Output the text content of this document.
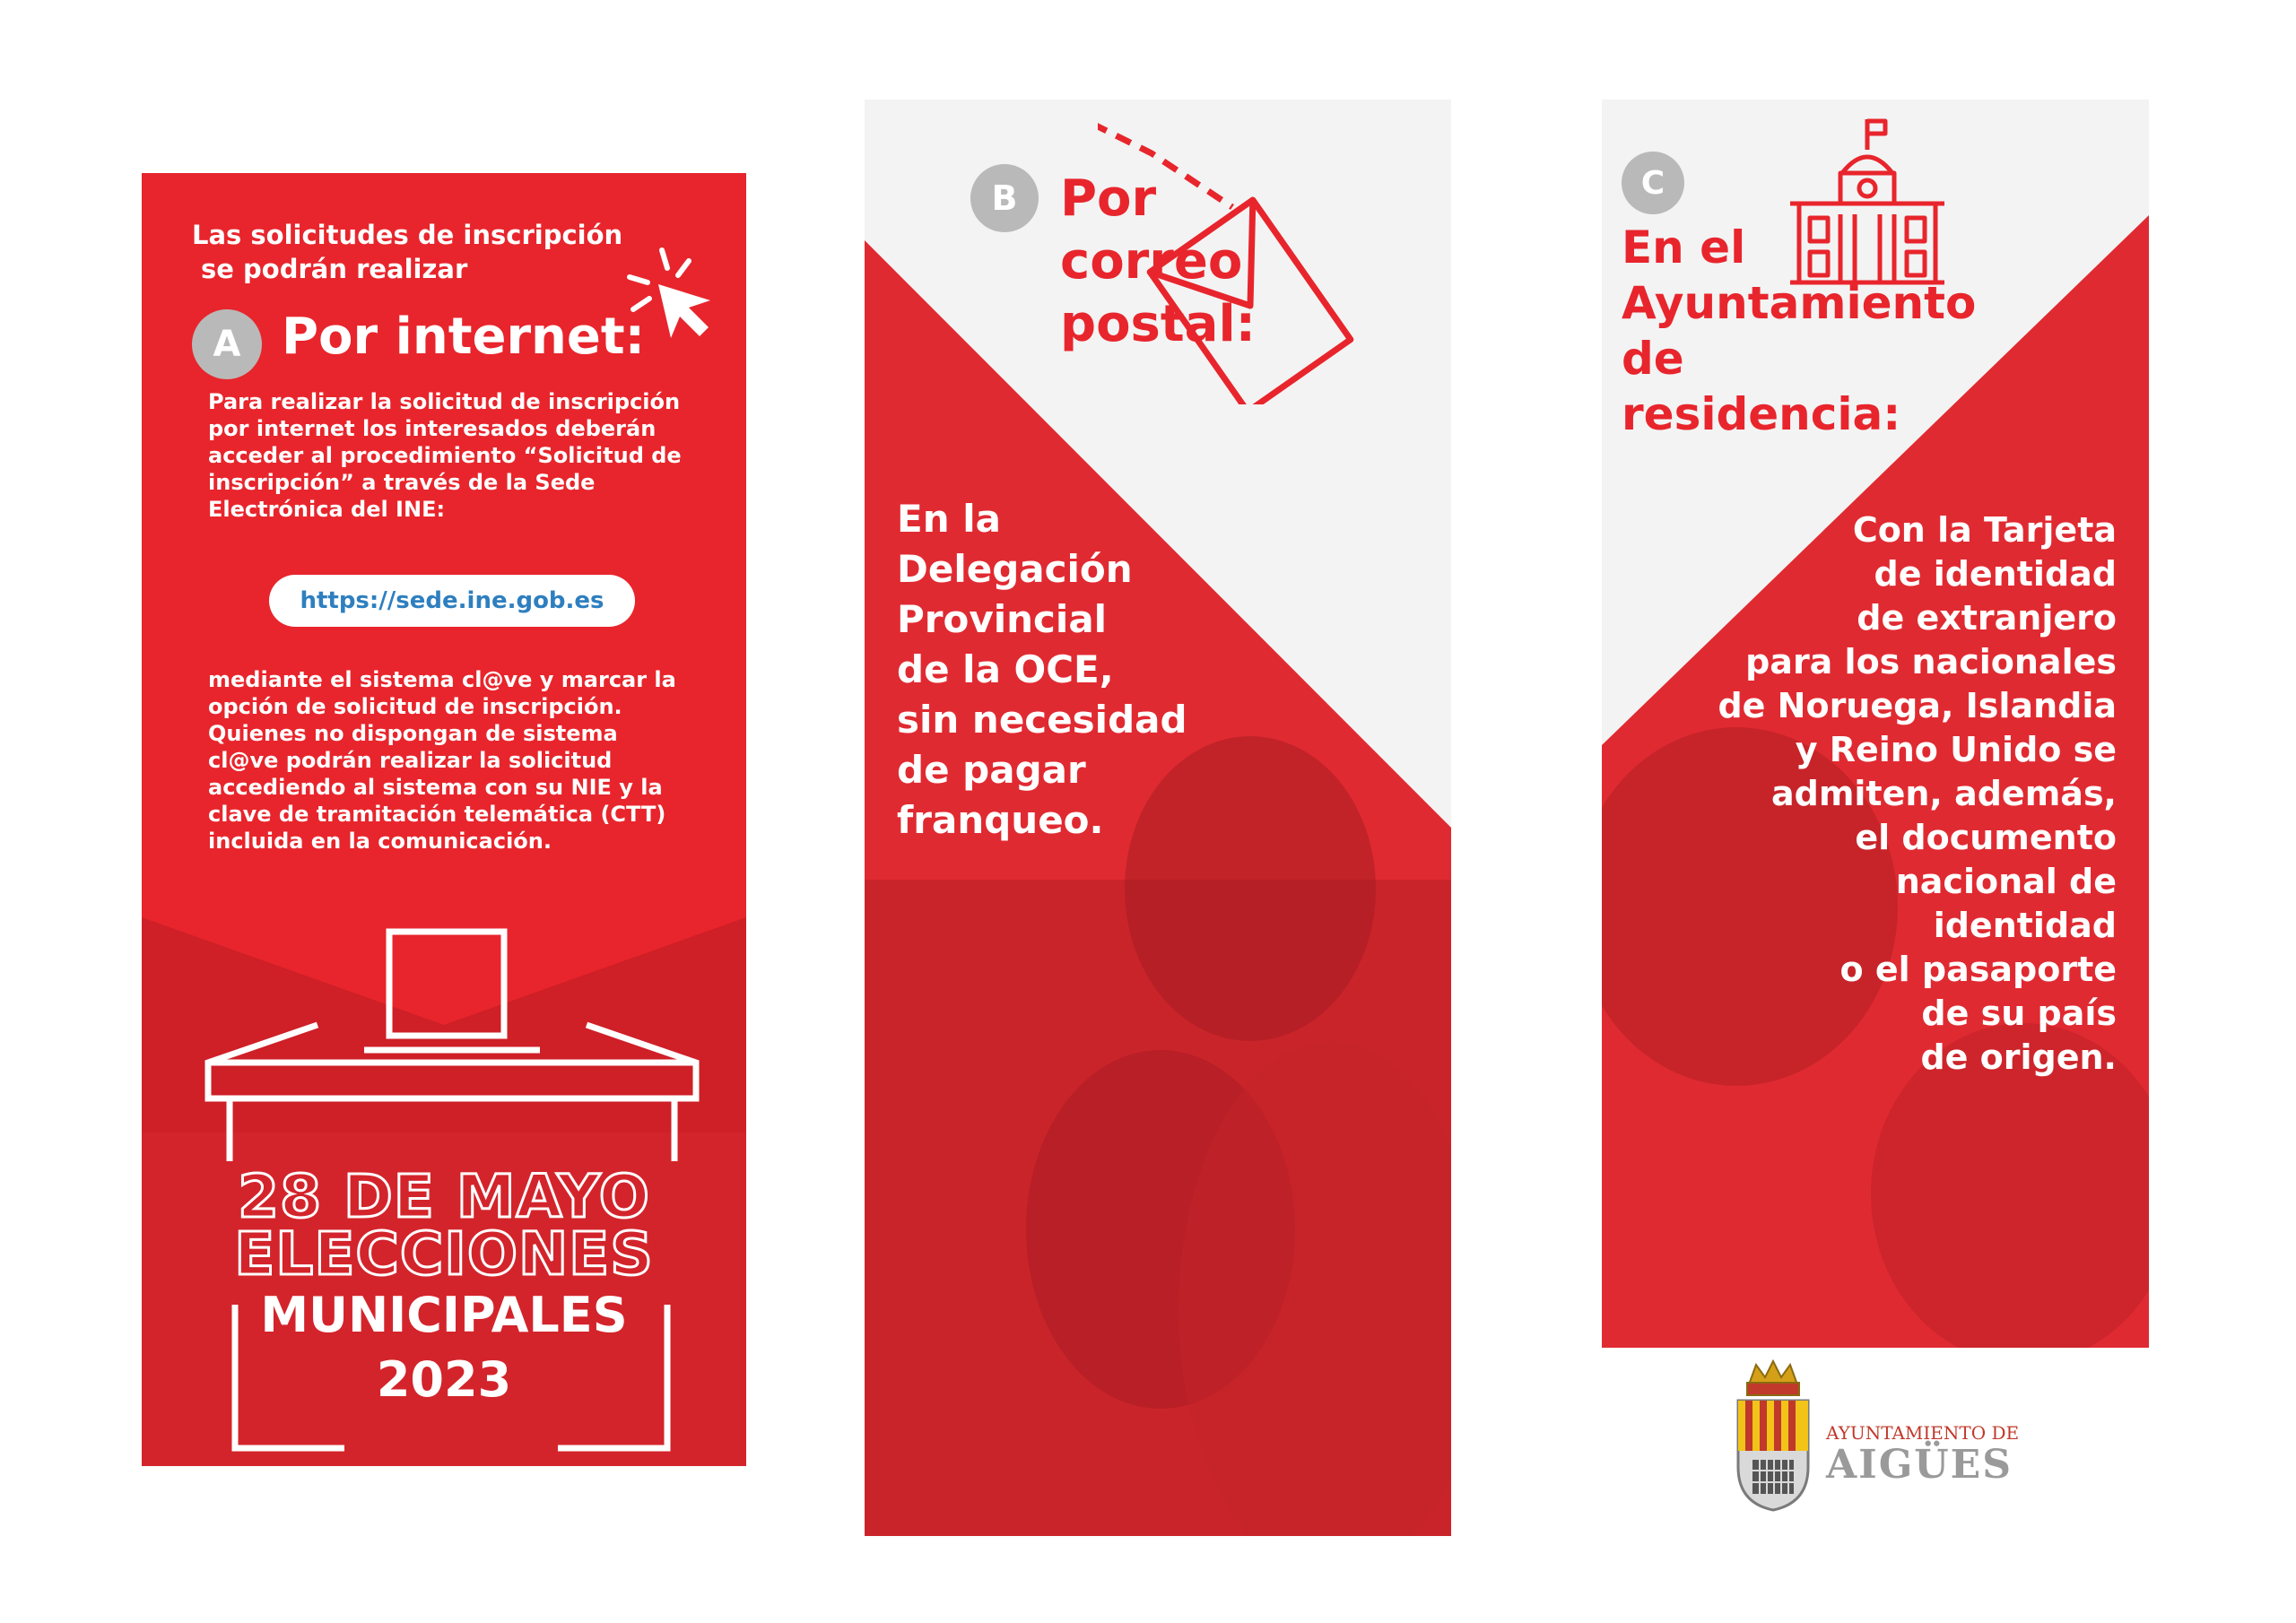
Las solicitudes de inscripción
se podrán realizar
A Por internet:

Para realizar la solicitud de inscripción por internet los interesados deberán acceder al procedimiento “Solicitud de inscripción” a través de la Sede Electrónica del INE:

https://sede.ine.gob.es

mediante el sistema cl@ve y marcar la opción de solicitud de inscripción. Quienes no dispongan de sistema cl@ve podrán realizar la solicitud accediendo al sistema con su NIE y la clave de tramitación telemática (CTT) incluida en la comunicación.

28 DE MAYO
ELECCIONES
MUNICIPALES
2023
B Por
correo
postal:
En la
Delegación
Provincial
de la OCE,
sin necesidad
de pagar
franqueo.
C
En el
Ayuntamiento
de
residencia:
Con la Tarjeta
de identidad
de extranjero
para los nacionales
de Noruega, Islandia
y Reino Unido se
admiten, además,
el documento
nacional de
identidad
o el pasaporte
de su país
de origen.
AYUNTAMIENTO DE
AIGÜES
